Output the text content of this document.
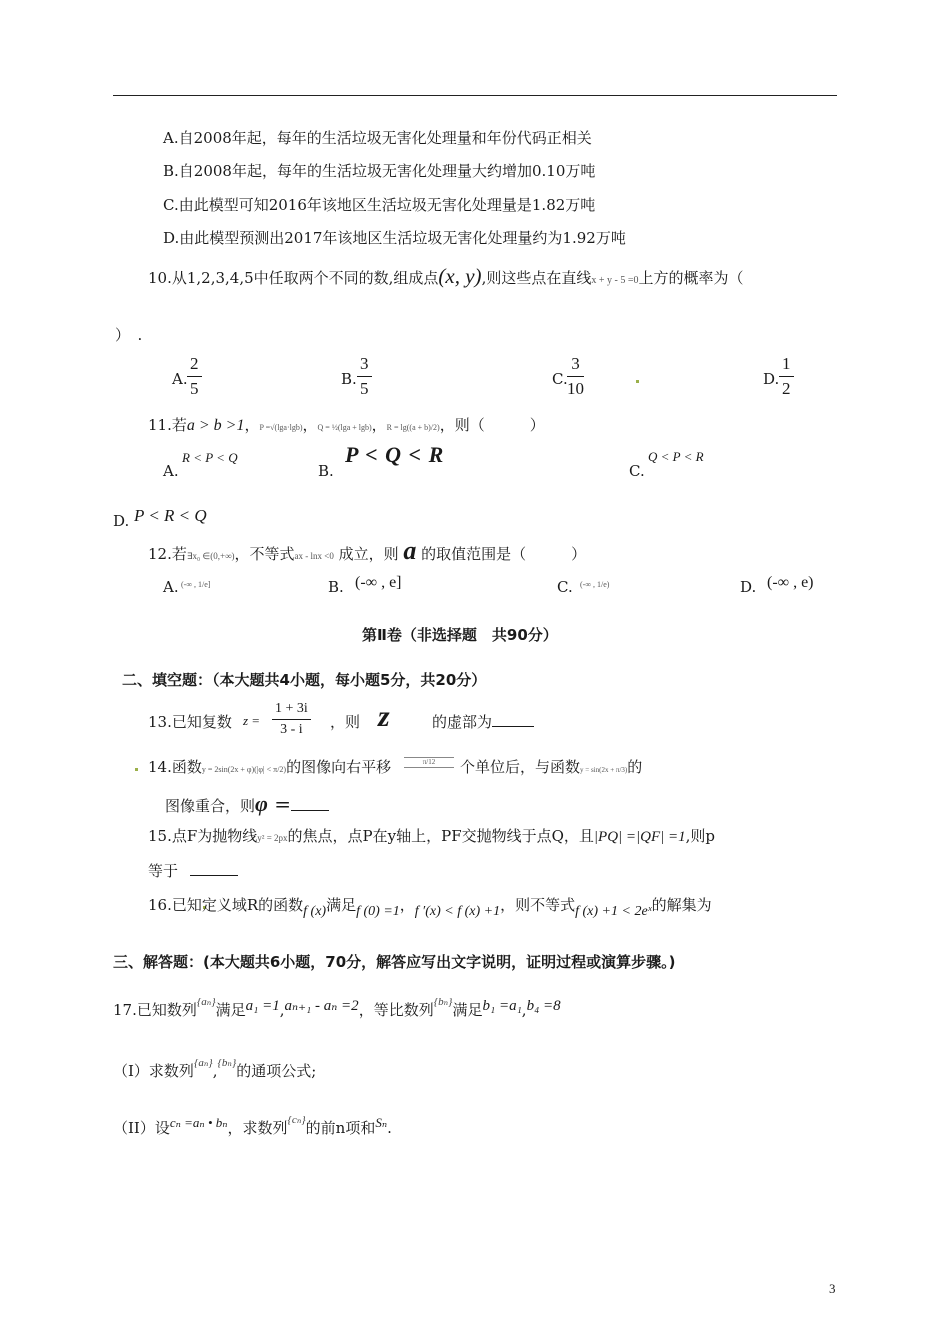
A.自2008年起，每年的生活垃圾无害化处理量和年份代码正相关
B.自2008年起，每年的生活垃圾无害化处理量大约增加0.10万吨
C.由此模型可知2016年该地区生活垃圾无害化处理量是1.82万吨
D.由此模型预测出2017年该地区生活垃圾无害化处理量约为1.92万吨
10.从1,2,3,4,5中任取两个不同的数,组成点(x, y),则这些点在直线x + y - 5 =0上方的概率为（
）　.
A. $\frac{2}{5}$	B. $\frac{3}{5}$	C. $\frac{3}{10}$	D. $\frac{1}{2}$
11.若a > b >1，P =√(lga·lgb)，Q = ½(lga + lgb)，R = lg((a + b)/2)，则（　　　）
A.
R < P < Q
B.
P < Q < R
C.
Q < P < R
D. P < R < Q
12.若∃x₀ ∈(0,+∞)，不等式ax - lnx <0 成立，则 a 的取值范围是（　　　）
A. (-∞ , 1/e]	B. (-∞ , e]	C. (-∞ , 1/e)	D. (-∞ , e)
第Ⅱ卷（非选择题　共90分）
二、填空题：（本大题共4小题，每小题5分，共20分）
13.已知复数 $z = \frac{1 + 3i}{3 - i}$ ，则 z	的虚部为
14.函数y = 2sin(2x + φ)(|φ| < π/2)的图像向右平移	π/12	个单位后，与函数y = sin(2x + π/3)的
图像重合，则φ =
15.点F为抛物线y² = 2px的焦点，点P在y轴上，PF交抛物线于点Q，且|PQ| =|QF| =1,则p
等于
16.已知定义域R的函数f (x)满足f (0) =1，f ′(x) < f (x) +1，则不等式f (x) +1 < 2eˣ的解集为
三、解答题：(本大题共6小题，70分，解答应写出文字说明，证明过程或演算步骤。)
17.已知数列$^{\{a_n\}}$满足a₁ =1,aₙ₊₁ - aₙ =2，等比数列$^{\{b_n\}}$满足b₁ =a₁,b₄ =8
（I）求数列$^{\{a_n\}}$,$^{\{b_n\}}$的通项公式;
（II）设cₙ =aₙ • bₙ，求数列$^{\{c_n\}}$的前n项和Sₙ.
3
